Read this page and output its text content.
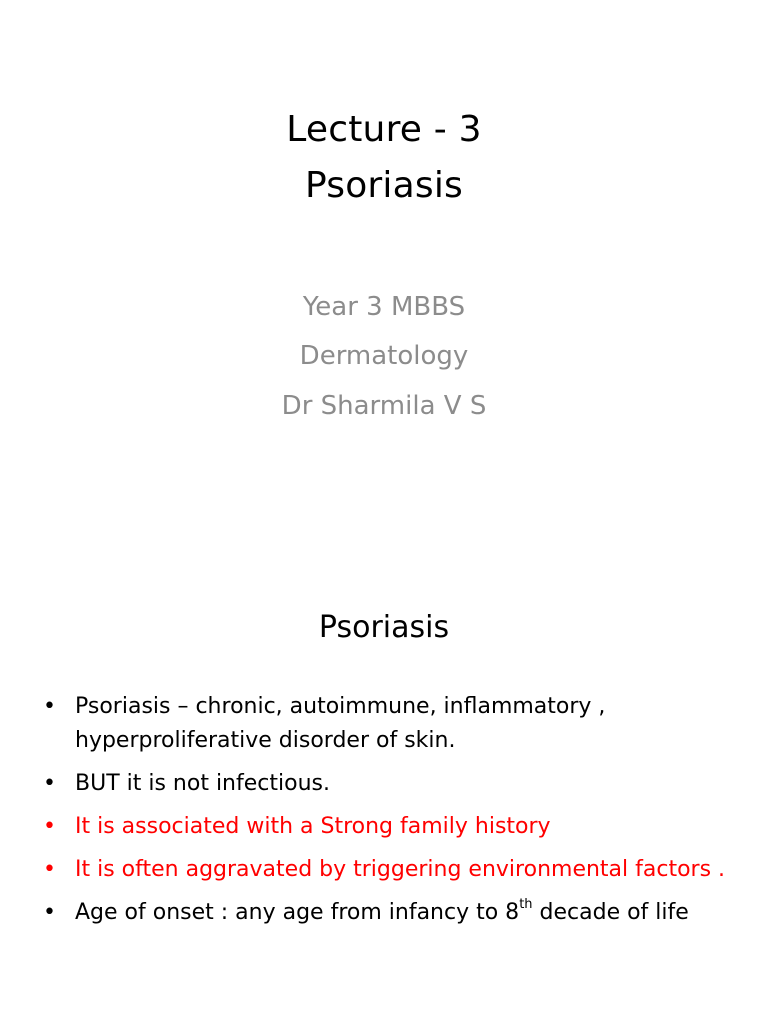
Lecture - 3
Psoriasis
Year 3 MBBS
Dermatology
Dr Sharmila V S
Psoriasis
• Psoriasis – chronic, autoimmune, inflammatory , hyperproliferative disorder of skin.
• BUT it is not infectious.
• It is associated with a Strong family history
• It is often aggravated by triggering environmental factors .
• Age of onset : any age from infancy to 8th decade of life
